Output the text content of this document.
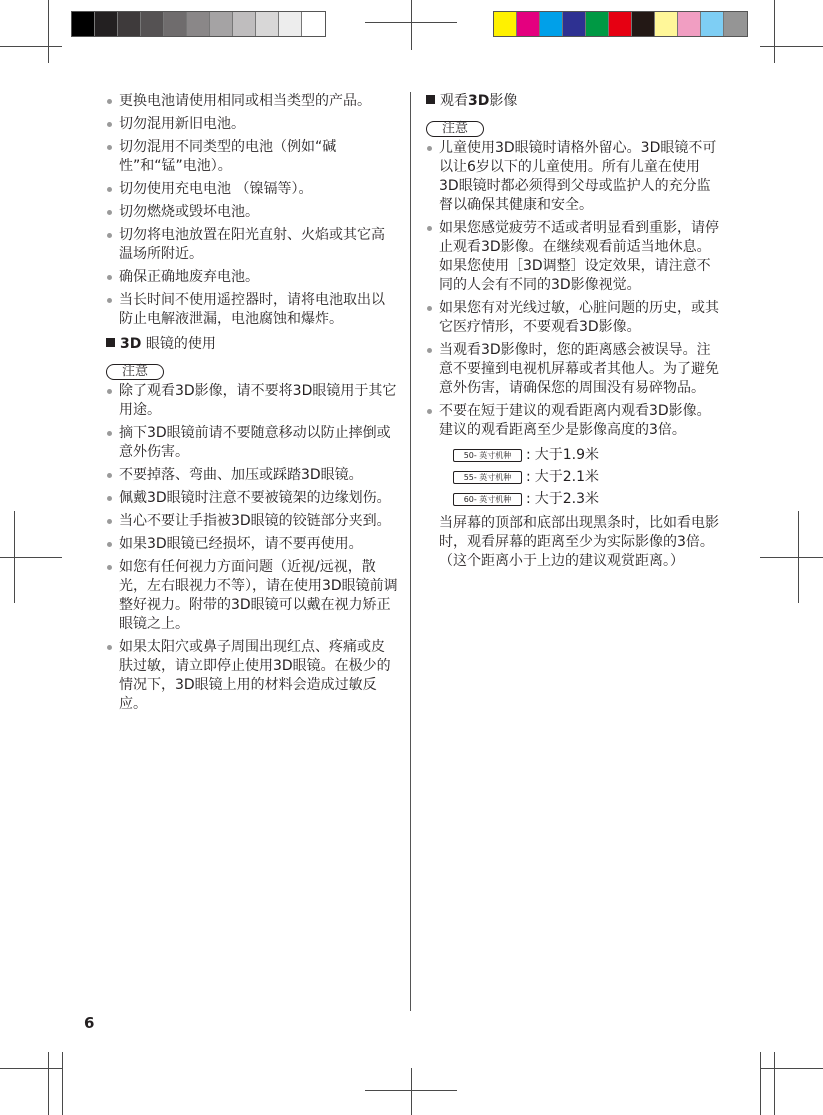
更换电池请使用相同或相当类型的产品。
切勿混用新旧电池。
切勿混用不同类型的电池（例如“碱性”和“锰”电池）。
切勿使用充电电池 （镍镉等）。
切勿燃烧或毁坏电池。
切勿将电池放置在阳光直射、火焰或其它高温场所附近。
确保正确地废弃电池。
当长时间不使用遥控器时，请将电池取出以防止电解液泄漏，电池腐蚀和爆炸。
3D 眼镜的使用
注意
除了观看3D影像，请不要将3D眼镜用于其它用途。
摘下3D眼镜前请不要随意移动以防止摔倒或意外伤害。
不要掉落、弯曲、加压或踩踏3D眼镜。
佩戴3D眼镜时注意不要被镜架的边缘划伤。
当心不要让手指被3D眼镜的铰链部分夹到。
如果3D眼镜已经损坏，请不要再使用。
如您有任何视力方面问题（近视/远视，散光，左右眼视力不等），请在使用3D眼镜前调整好视力。附带的3D眼镜可以戴在视力矫正眼镜之上。
如果太阳穴或鼻子周围出现红点、疼痛或皮肤过敏，请立即停止使用3D眼镜。在极少的情况下，3D眼镜上用的材料会造成过敏反应。
观看3D影像
注意
儿童使用3D眼镜时请格外留心。3D眼镜不可以让6岁以下的儿童使用。所有儿童在使用3D眼镜时都必须得到父母或监护人的充分监督以确保其健康和安全。
如果您感觉疲劳不适或者明显看到重影，请停止观看3D影像。在继续观看前适当地休息。如果您使用［3D调整］设定效果，请注意不同的人会有不同的3D影像视觉。
如果您有对光线过敏，心脏问题的历史，或其它医疗情形，不要观看3D影像。
当观看3D影像时，您的距离感会被误导。注意不要撞到电视机屏幕或者其他人。为了避免意外伤害，请确保您的周围没有易碎物品。
不要在短于建议的观看距离内观看3D影像。建议的观看距离至少是影像高度的3倍。
50- 英寸机种	: 大于1.9米
55- 英寸机种	: 大于2.1米
60- 英寸机种	: 大于2.3米
当屏幕的顶部和底部出现黑条时，比如看电影时，观看屏幕的距离至少为实际影像的3倍。（这个距离小于上边的建议观赏距离。）
6
